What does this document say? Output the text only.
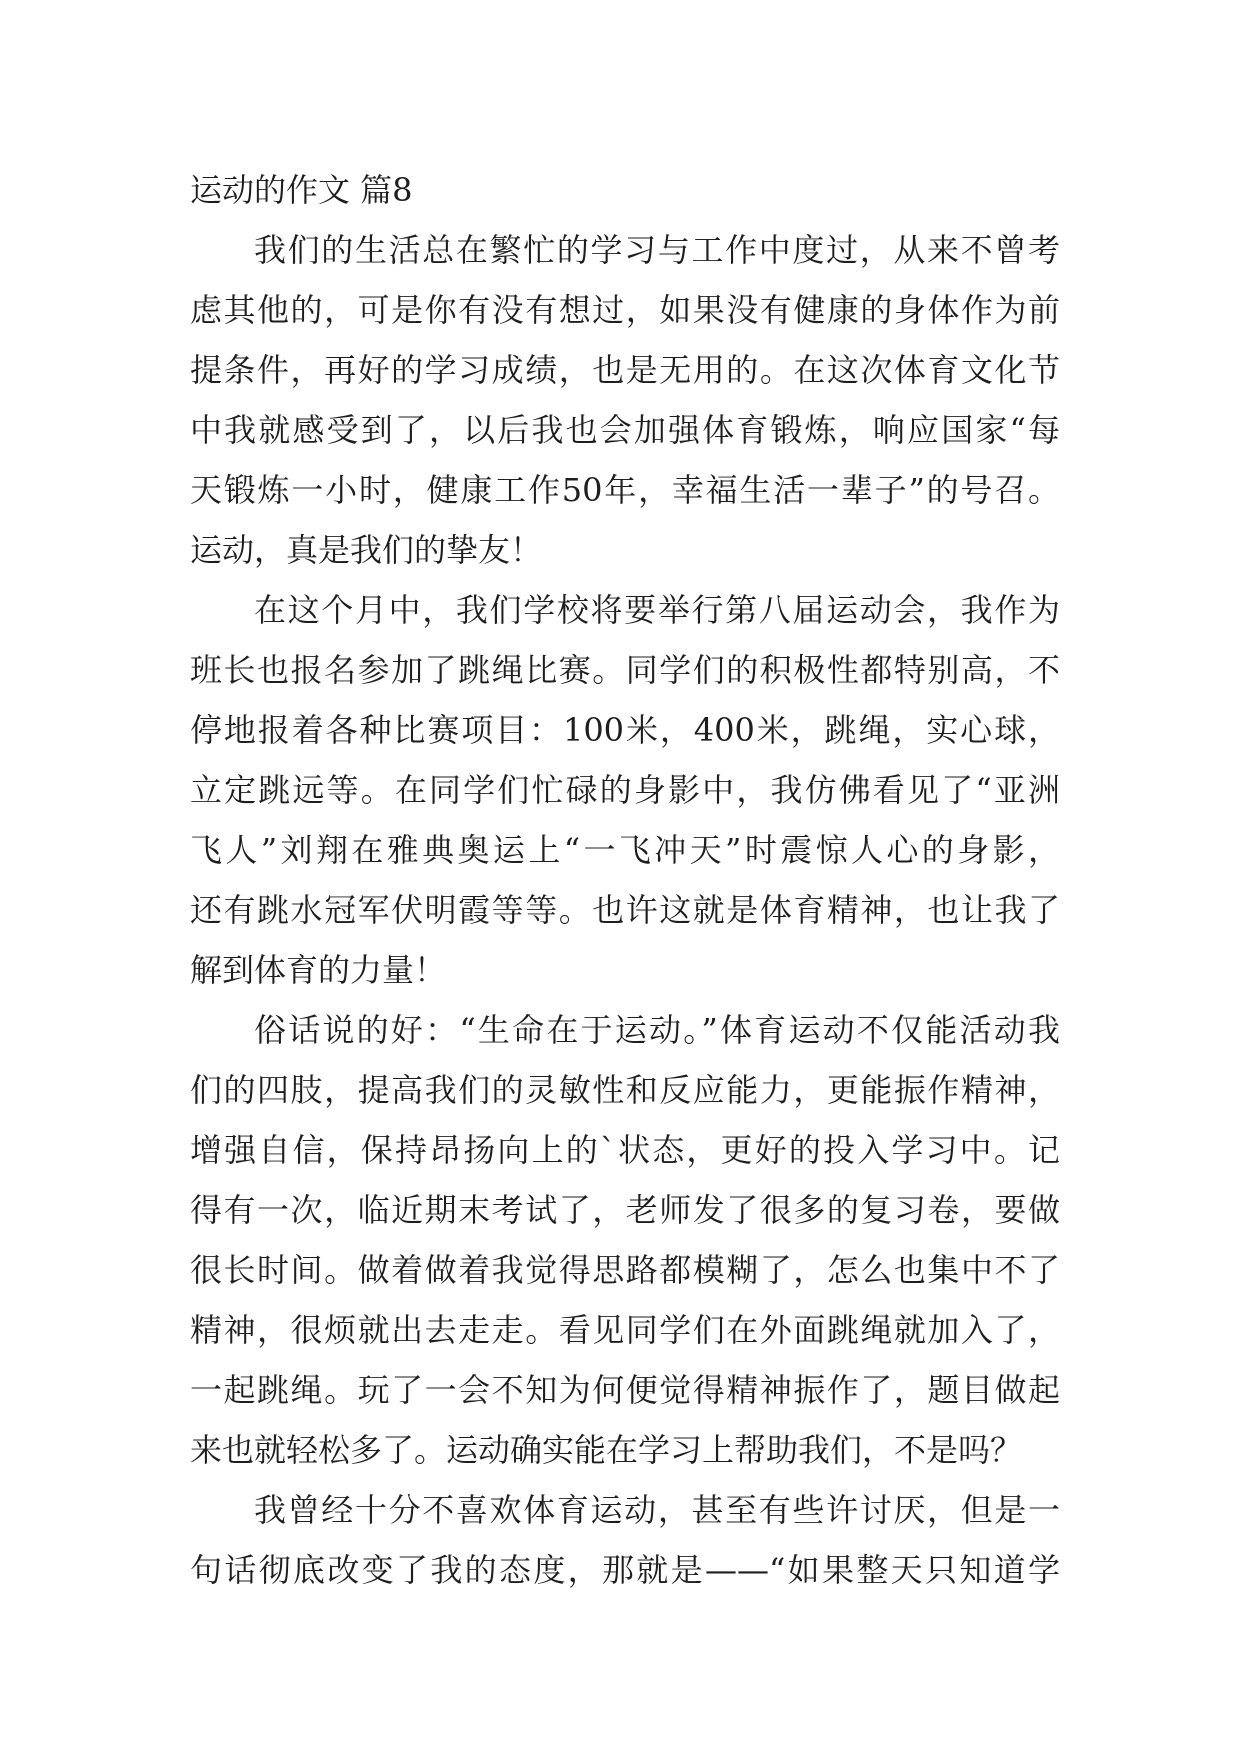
运动的作文 篇8
我们的生活总在繁忙的学习与工作中度过，从来不曾考
虑其他的，可是你有没有想过，如果没有健康的身体作为前
提条件，再好的学习成绩，也是无用的。在这次体育文化节
中我就感受到了，以后我也会加强体育锻炼，响应国家“每
天锻炼一小时，健康工作50年，幸福生活一辈子”的号召。
运动，真是我们的挚友！
在这个月中，我们学校将要举行第八届运动会，我作为
班长也报名参加了跳绳比赛。同学们的积极性都特别高，不
停地报着各种比赛项目：100米，400米，跳绳，实心球，
立定跳远等。在同学们忙碌的身影中，我仿佛看见了“亚洲
飞人”刘翔在雅典奥运上“一飞冲天”时震惊人心的身影，
还有跳水冠军伏明霞等等。也许这就是体育精神，也让我了
解到体育的力量！
俗话说的好：“生命在于运动。”体育运动不仅能活动我
们的四肢，提高我们的灵敏性和反应能力，更能振作精神，
增强自信，保持昂扬向上的`状态，更好的投入学习中。记
得有一次，临近期末考试了，老师发了很多的复习卷，要做
很长时间。做着做着我觉得思路都模糊了，怎么也集中不了
精神，很烦就出去走走。看见同学们在外面跳绳就加入了，
一起跳绳。玩了一会不知为何便觉得精神振作了，题目做起
来也就轻松多了。运动确实能在学习上帮助我们，不是吗？
我曾经十分不喜欢体育运动，甚至有些许讨厌，但是一
句话彻底改变了我的态度，那就是——“如果整天只知道学
